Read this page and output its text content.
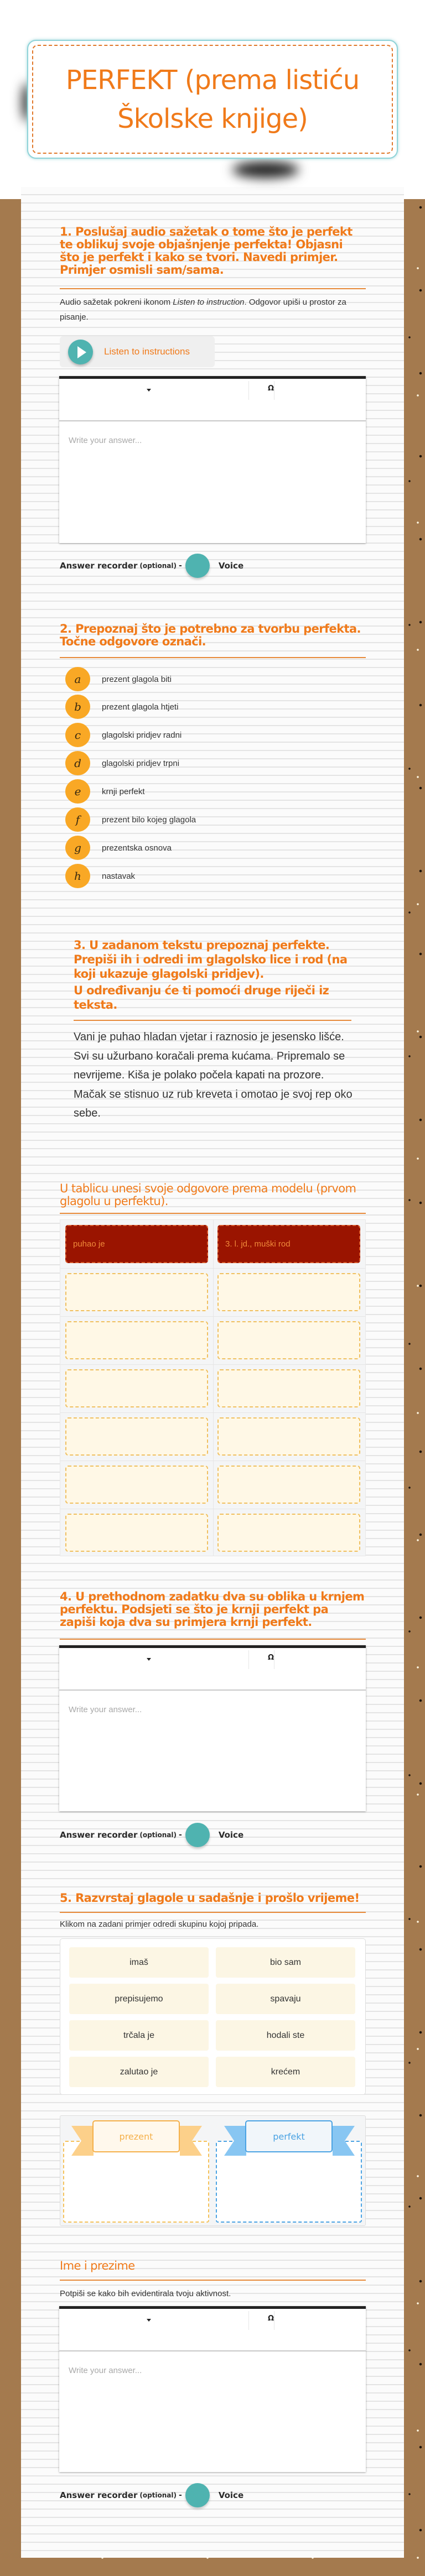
PERFEKT (prema listiću Školske knjige)
1. Poslušaj audio sažetak o tome što je perfekt te oblikuj svoje objašnjenje perfekta! Objasni što je perfekt i kako se tvori. Navedi primjer. Primjer osmisli sam/sama.
Audio sažetak pokreni ikonom Listen to instruction. Odgovor upiši u prostor za pisanje.
Listen to instructions
Ω
Write your answer...
Answer recorder (optional) -	Voice
2. Prepoznaj što je potrebno za tvorbu perfekta. Točne odgovore označi.
a	prezent glagola biti
b	prezent glagola htjeti
c	glagolski pridjev radni
d	glagolski pridjev trpni
e	krnji perfekt
f	prezent bilo kojeg glagola
g	prezentska osnova
h	nastavak
3. U zadanom tekstu prepoznaj perfekte. Prepiši ih i odredi im glagolsko lice i rod (na koji ukazuje glagolski pridjev).
U određivanju će ti pomoći druge riječi iz teksta.

Vani je puhao hladan vjetar i raznosio je jesensko lišće. Svi su užurbano koračali prema kućama. Pripremalo se nevrijeme. Kiša je polako počela kapati na prozore. Mačak se stisnuo uz rub kreveta i omotao je svoj rep oko sebe.

U tablicu unesi svoje odgovore prema modelu (prvom glagolu u perfektu).
puhao je	3. l. jd., muški rod
4. U prethodnom zadatku dva su oblika u krnjem perfektu. Podsjeti se što je krnji perfekt pa zapiši koja dva su primjera krnji perfekt.
Ω
Write your answer...
Answer recorder (optional) -	Voice
5. Razvrstaj glagole u sadašnje i prošlo vrijeme!
Klikom na zadani primjer odredi skupinu kojoj pripada.
imaš	bio sam
prepisujemo	spavaju
trčala je	hodali ste
zalutao je	krećem
prezent	perfekt
Ime i prezime
Potpiši se kako bih evidentirala tvoju aktivnost.
Ω
Write your answer...
Answer recorder (optional) -	Voice
